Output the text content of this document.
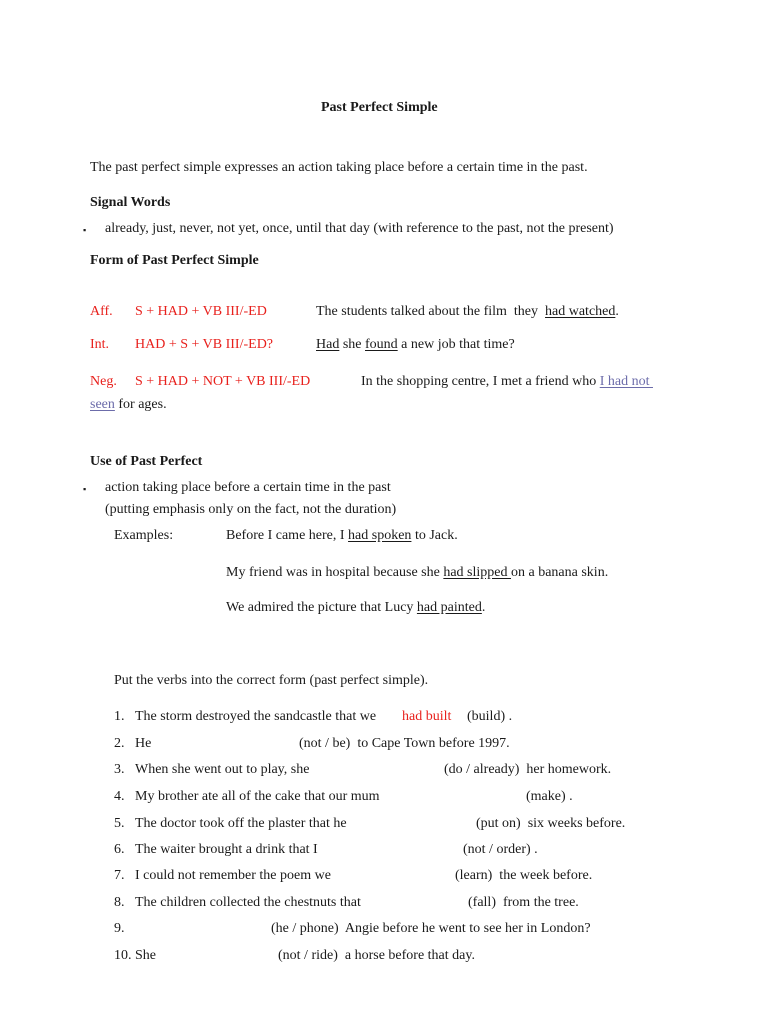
Past Perfect Simple
The past perfect simple expresses an action taking place before a certain time in the past.
Signal Words
▪ already, just, never, not yet, once, until that day (with reference to the past, not the present)
Form of Past Perfect Simple
Aff. S + HAD + VB III/-ED	The students talked about the film  they  had watched.
Int. HAD + S + VB III/-ED?	Had she found a new job that time?
Neg. S + HAD + NOT + VB III/-ED	In the shopping centre, I met a friend who I had not
seen for ages.
Use of Past Perfect
▪ action taking place before a certain time in the past
(putting emphasis only on the fact, not the duration)
Examples:	Before I came here, I had spoken to Jack.
My friend was in hospital because she had slipped on a banana skin.
We admired the picture that Lucy had painted.
Put the verbs into the correct form (past perfect simple).
1. The storm destroyed the sandcastle that we had built (build) .
2. He	(not / be)  to Cape Town before 1997.
3. When she went out to play, she	(do / already)  her homework.
4. My brother ate all of the cake that our mum	(make) .
5. The doctor took off the plaster that he	(put on)  six weeks before.
6. The waiter brought a drink that I	(not / order) .
7. I could not remember the poem we	(learn)  the week before.
8. The children collected the chestnuts that	(fall)  from the tree.
9.	(he / phone)  Angie before he went to see her in London?
10. She	(not / ride)  a horse before that day.
